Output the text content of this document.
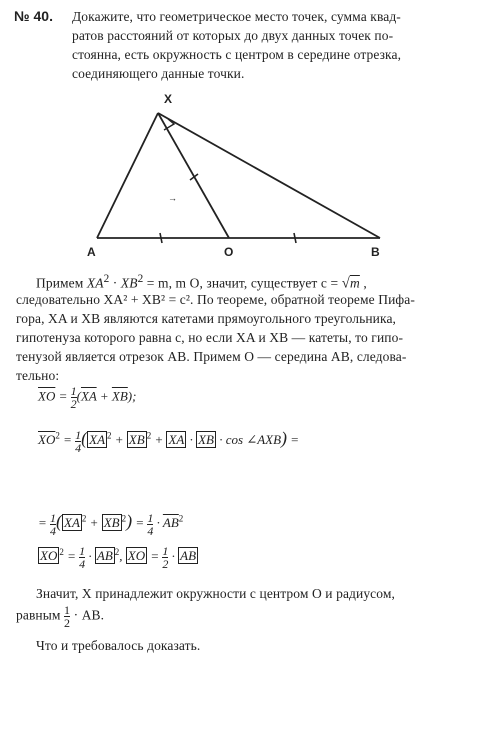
№ 40. Докажите, что геометрическое место точек, сумма квад-
ратов расстояний от которых до двух данных точек по-
стоянна, есть окружность с центром в середине отрезка,
соединяющего данные точки.
X
A	O	B
→
Примем $XA^2 \cdot XB^2 = m$, m O, значит, существует c = √m ,
следовательно XA² + XB² = c². По теореме, обратной теореме Пифа-
гора, XA и XB являются катетами прямоугольного треугольника,
гипотенуза которого равна c, но если XA и XB — катеты, то гипо-
тенузой является отрезок AB. Примем O — середина AB, следова-
тельно:
$\overline{XO} = \frac{1}{2} (\overline{XA} + \overline{XB})$;
$\overline{XO}^2 = \frac{1}{4}$ ( $\overline{XA}$ $^2 + \overline{XB}$ $^2 + \overline{XA} \cdot \overline{XB} \cdot \cos$ ∠AXB) =
= $\frac{1}{4}$ ( $\overline{XA}$ $^2 + \overline{XB}$ $^2) = \frac{1}{4} \cdot \overline{AB}^2$
$\overline{XO}$ $^2 = \frac{1}{4} \cdot \overline{AB}$ $^2$, $\overline{XO} = \frac{1}{2} \cdot \overline{AB}$
Значит, X принадлежит окружности с центром O и радиусом,
равным $\frac{1}{2}$ · AB.
Что и требовалось доказать.
